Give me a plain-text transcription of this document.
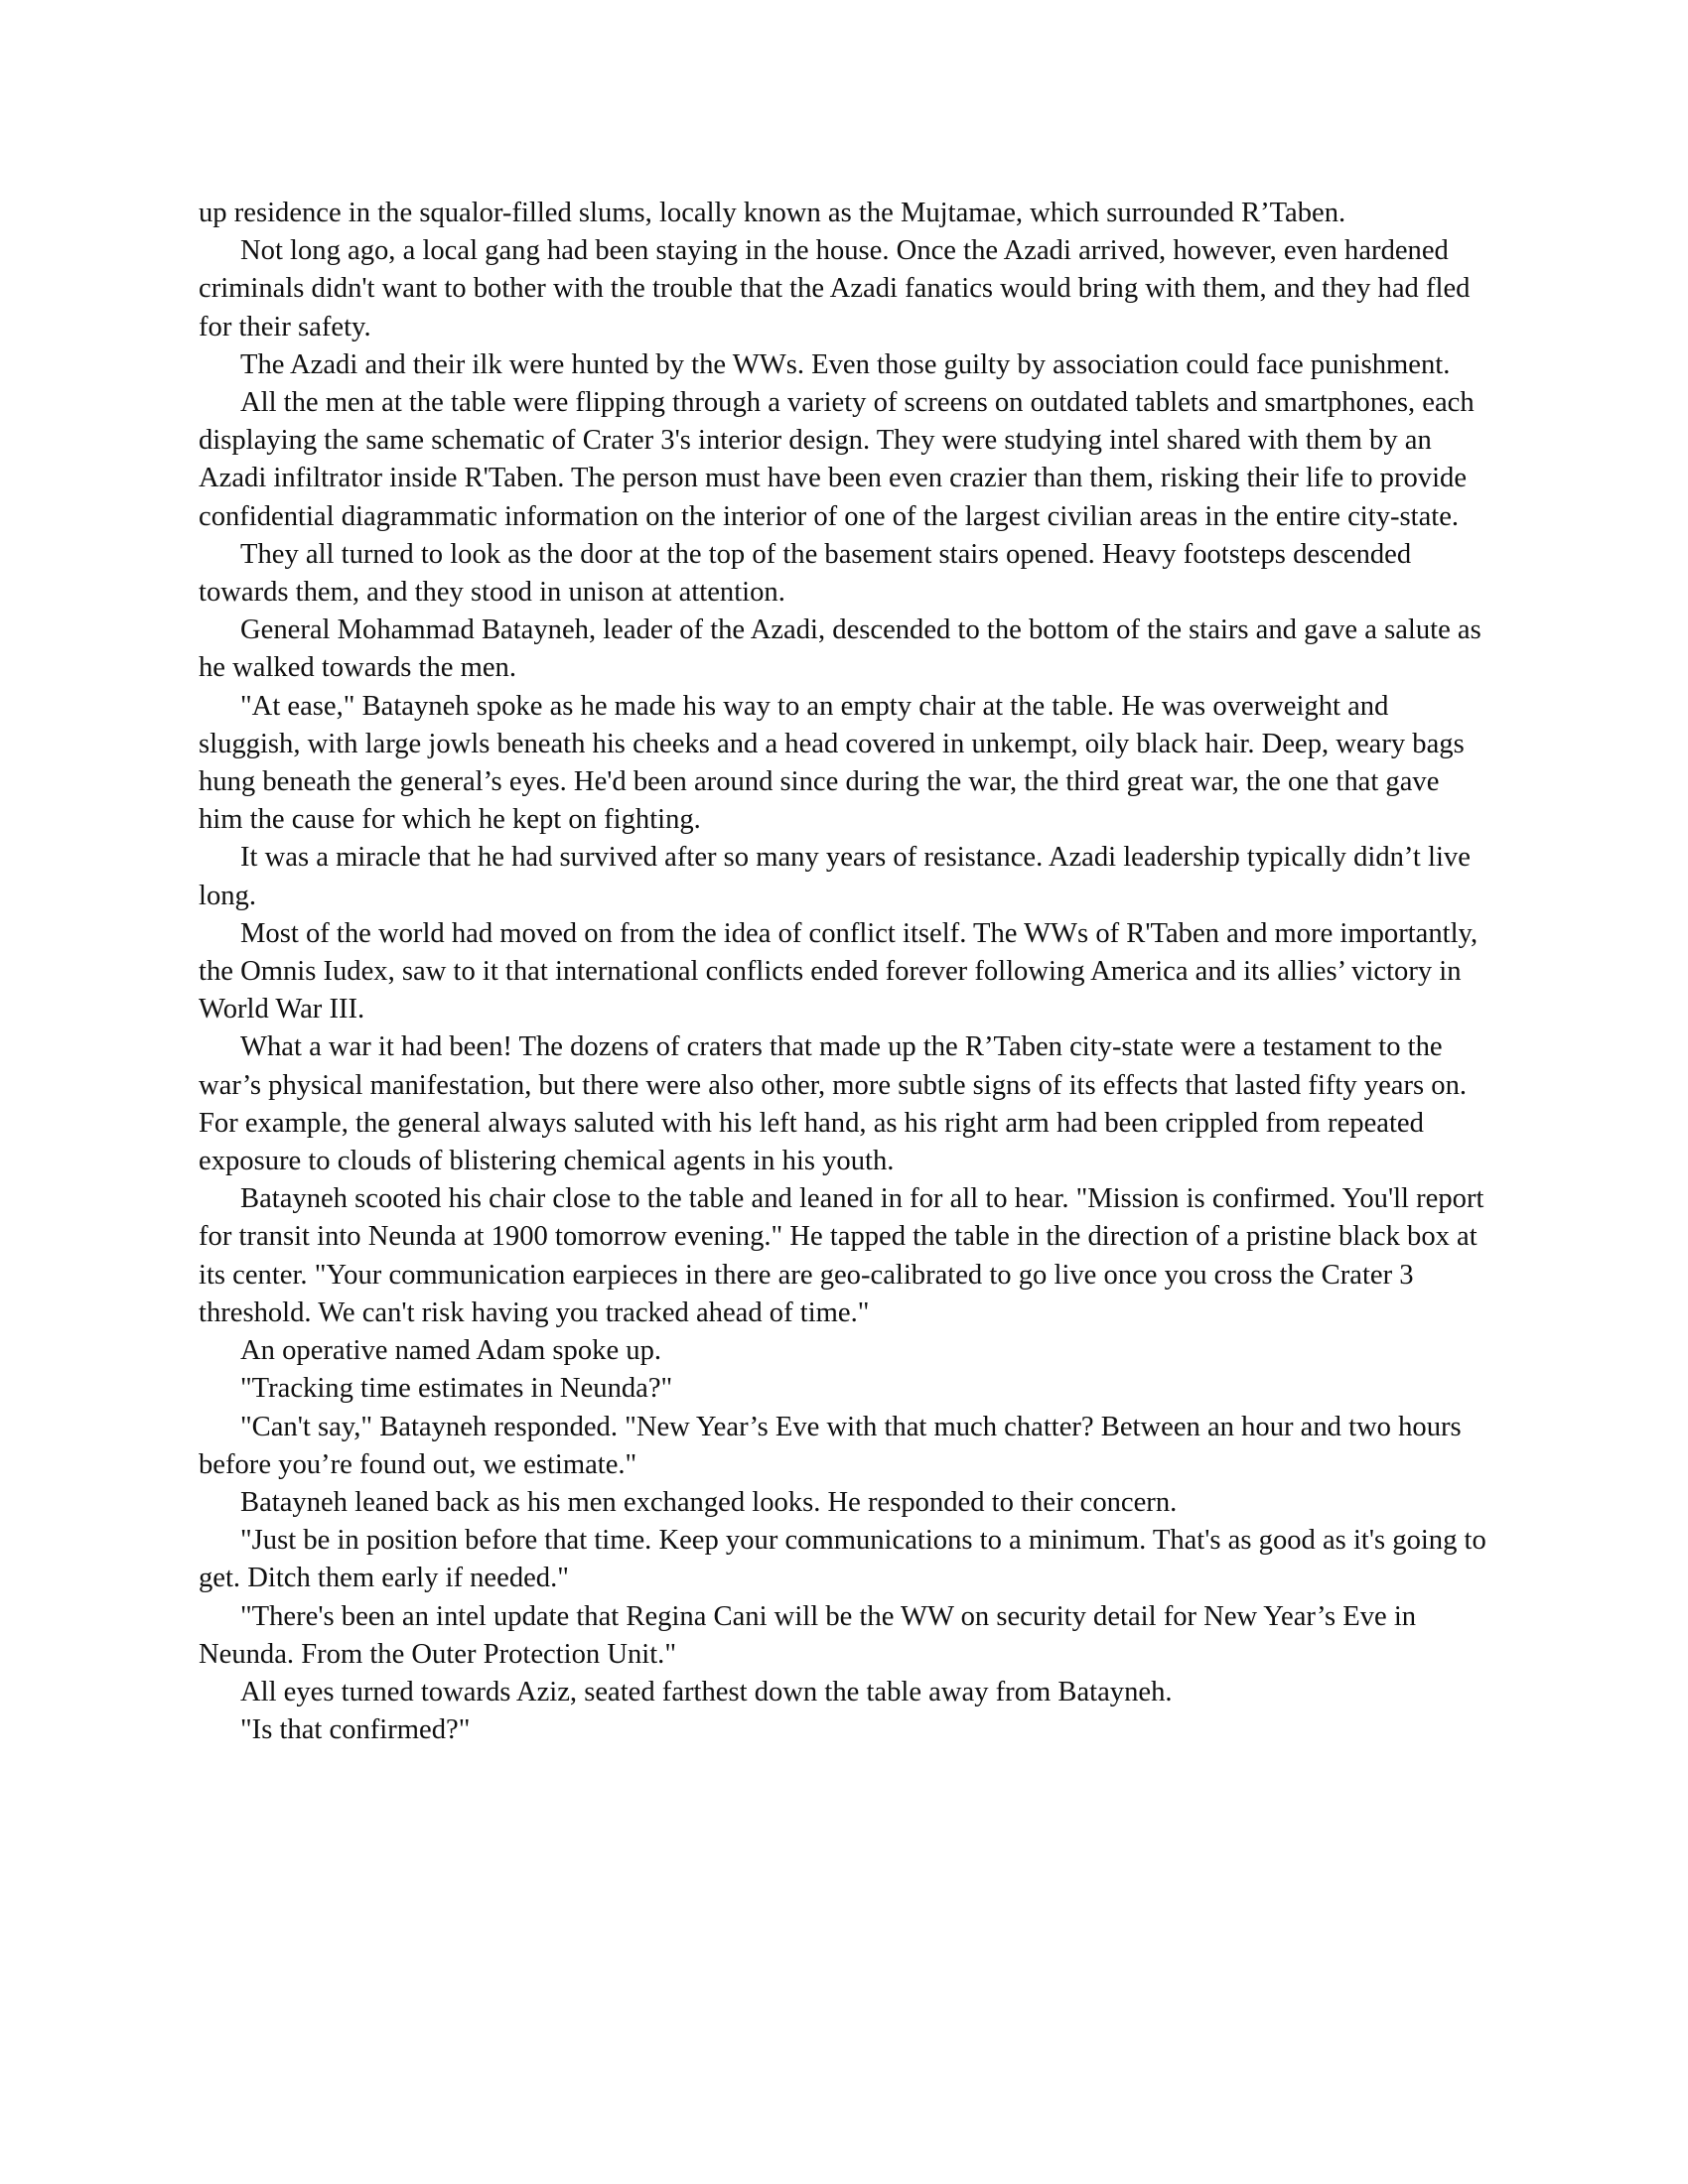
up residence in the squalor-filled slums, locally known as the Mujtamae, which surrounded R’Taben.

Not long ago, a local gang had been staying in the house. Once the Azadi arrived, however, even hardened criminals didn't want to bother with the trouble that the Azadi fanatics would bring with them, and they had fled for their safety.

The Azadi and their ilk were hunted by the WWs. Even those guilty by association could face punishment.

All the men at the table were flipping through a variety of screens on outdated tablets and smartphones, each displaying the same schematic of Crater 3's interior design. They were studying intel shared with them by an Azadi infiltrator inside R'Taben. The person must have been even crazier than them, risking their life to provide confidential diagrammatic information on the interior of one of the largest civilian areas in the entire city-state.

They all turned to look as the door at the top of the basement stairs opened. Heavy footsteps descended towards them, and they stood in unison at attention.

General Mohammad Batayneh, leader of the Azadi, descended to the bottom of the stairs and gave a salute as he walked towards the men.

"At ease," Batayneh spoke as he made his way to an empty chair at the table. He was overweight and sluggish, with large jowls beneath his cheeks and a head covered in unkempt, oily black hair. Deep, weary bags hung beneath the general’s eyes. He'd been around since during the war, the third great war, the one that gave him the cause for which he kept on fighting.

It was a miracle that he had survived after so many years of resistance. Azadi leadership typically didn’t live long.

Most of the world had moved on from the idea of conflict itself. The WWs of R'Taben and more importantly, the Omnis Iudex, saw to it that international conflicts ended forever following America and its allies’ victory in World War III.

What a war it had been! The dozens of craters that made up the R’Taben city-state were a testament to the war’s physical manifestation, but there were also other, more subtle signs of its effects that lasted fifty years on. For example, the general always saluted with his left hand, as his right arm had been crippled from repeated exposure to clouds of blistering chemical agents in his youth.

Batayneh scooted his chair close to the table and leaned in for all to hear. "Mission is confirmed. You'll report for transit into Neunda at 1900 tomorrow evening." He tapped the table in the direction of a pristine black box at its center. "Your communication earpieces in there are geo-calibrated to go live once you cross the Crater 3 threshold. We can't risk having you tracked ahead of time."

An operative named Adam spoke up.

"Tracking time estimates in Neunda?"

"Can't say," Batayneh responded. "New Year’s Eve with that much chatter? Between an hour and two hours before you’re found out, we estimate."

Batayneh leaned back as his men exchanged looks. He responded to their concern.

"Just be in position before that time. Keep your communications to a minimum. That's as good as it's going to get. Ditch them early if needed."

"There's been an intel update that Regina Cani will be the WW on security detail for New Year’s Eve in Neunda. From the Outer Protection Unit."

All eyes turned towards Aziz, seated farthest down the table away from Batayneh.

"Is that confirmed?"
